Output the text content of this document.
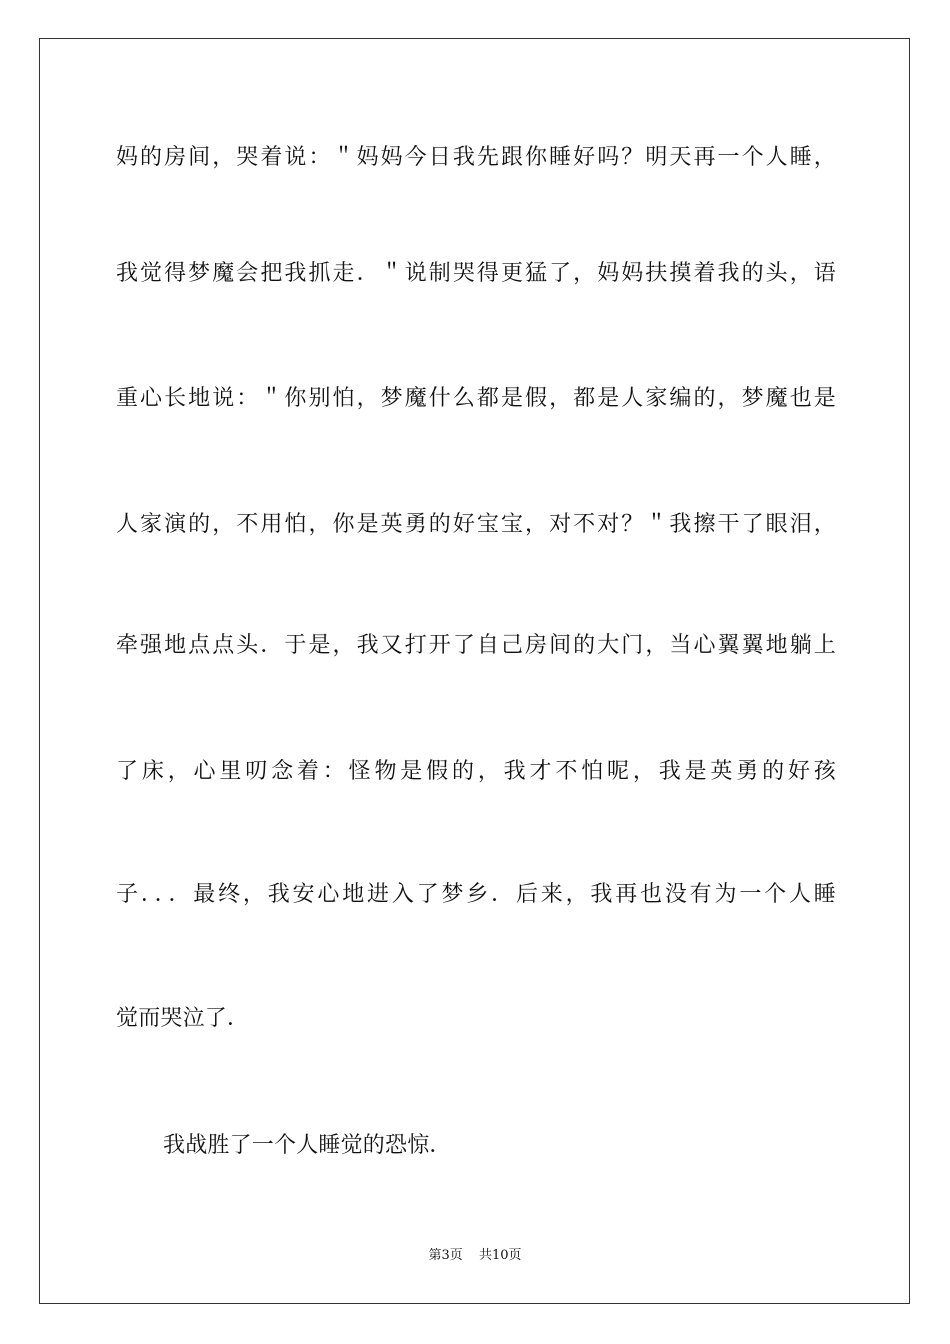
妈的房间，哭着说：＂妈妈今日我先跟你睡好吗？明天再一个人睡，
我觉得梦魔会把我抓走．＂说制哭得更猛了，妈妈扶摸着我的头，语
重心长地说：＂你别怕，梦魔什么都是假，都是人家编的，梦魔也是
人家演的，不用怕，你是英勇的好宝宝，对不对？＂我擦干了眼泪，
牵强地点点头．于是，我又打开了自己房间的大门，当心翼翼地躺上
了床，心里叨念着：怪物是假的，我才不怕呢，我是英勇的好孩
子．．．最终，我安心地进入了梦乡．后来，我再也没有为一个人睡
觉而哭泣了．
我战胜了一个人睡觉的恐惊．
第3页 共10页
